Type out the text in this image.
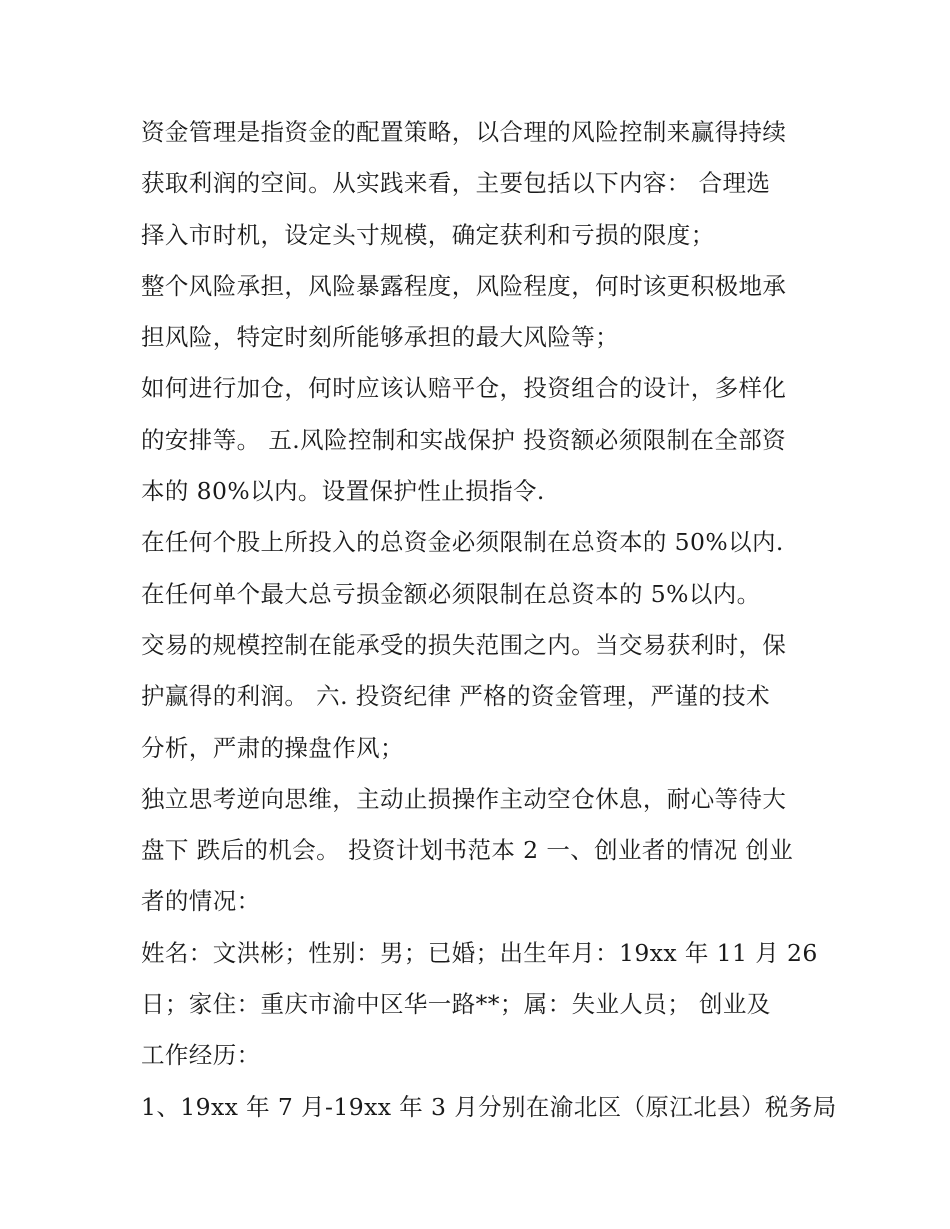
资金管理是指资金的配置策略，以合理的风险控制来赢得持续
获取利润的空间。从实践来看，主要包括以下内容： 合理选
择入市时机，设定头寸规模，确定获利和亏损的限度；
整个风险承担，风险暴露程度，风险程度，何时该更积极地承
担风险，特定时刻所能够承担的最大风险等；
如何进行加仓，何时应该认赔平仓，投资组合的设计，多样化
的安排等。 五.风险控制和实战保护 投资额必须限制在全部资
本的 80%以内。设置保护性止损指令.
在任何个股上所投入的总资金必须限制在总资本的 50%以内.
在任何单个最大总亏损金额必须限制在总资本的 5%以内。
交易的规模控制在能承受的损失范围之内。当交易获利时，保
护赢得的利润。 六. 投资纪律 严格的资金管理，严谨的技术
分析，严肃的操盘作风；
独立思考逆向思维，主动止损操作主动空仓休息，耐心等待大
盘下 跌后的机会。 投资计划书范本 2 一、创业者的情况 创业
者的情况：
姓名：文洪彬；性别：男；已婚；出生年月：19xx 年 11 月 26
日；家住：重庆市渝中区华一路**；属：失业人员； 创业及
工作经历：
1、19xx 年 7 月-19xx 年 3 月分别在渝北区（原江北县）税务局
